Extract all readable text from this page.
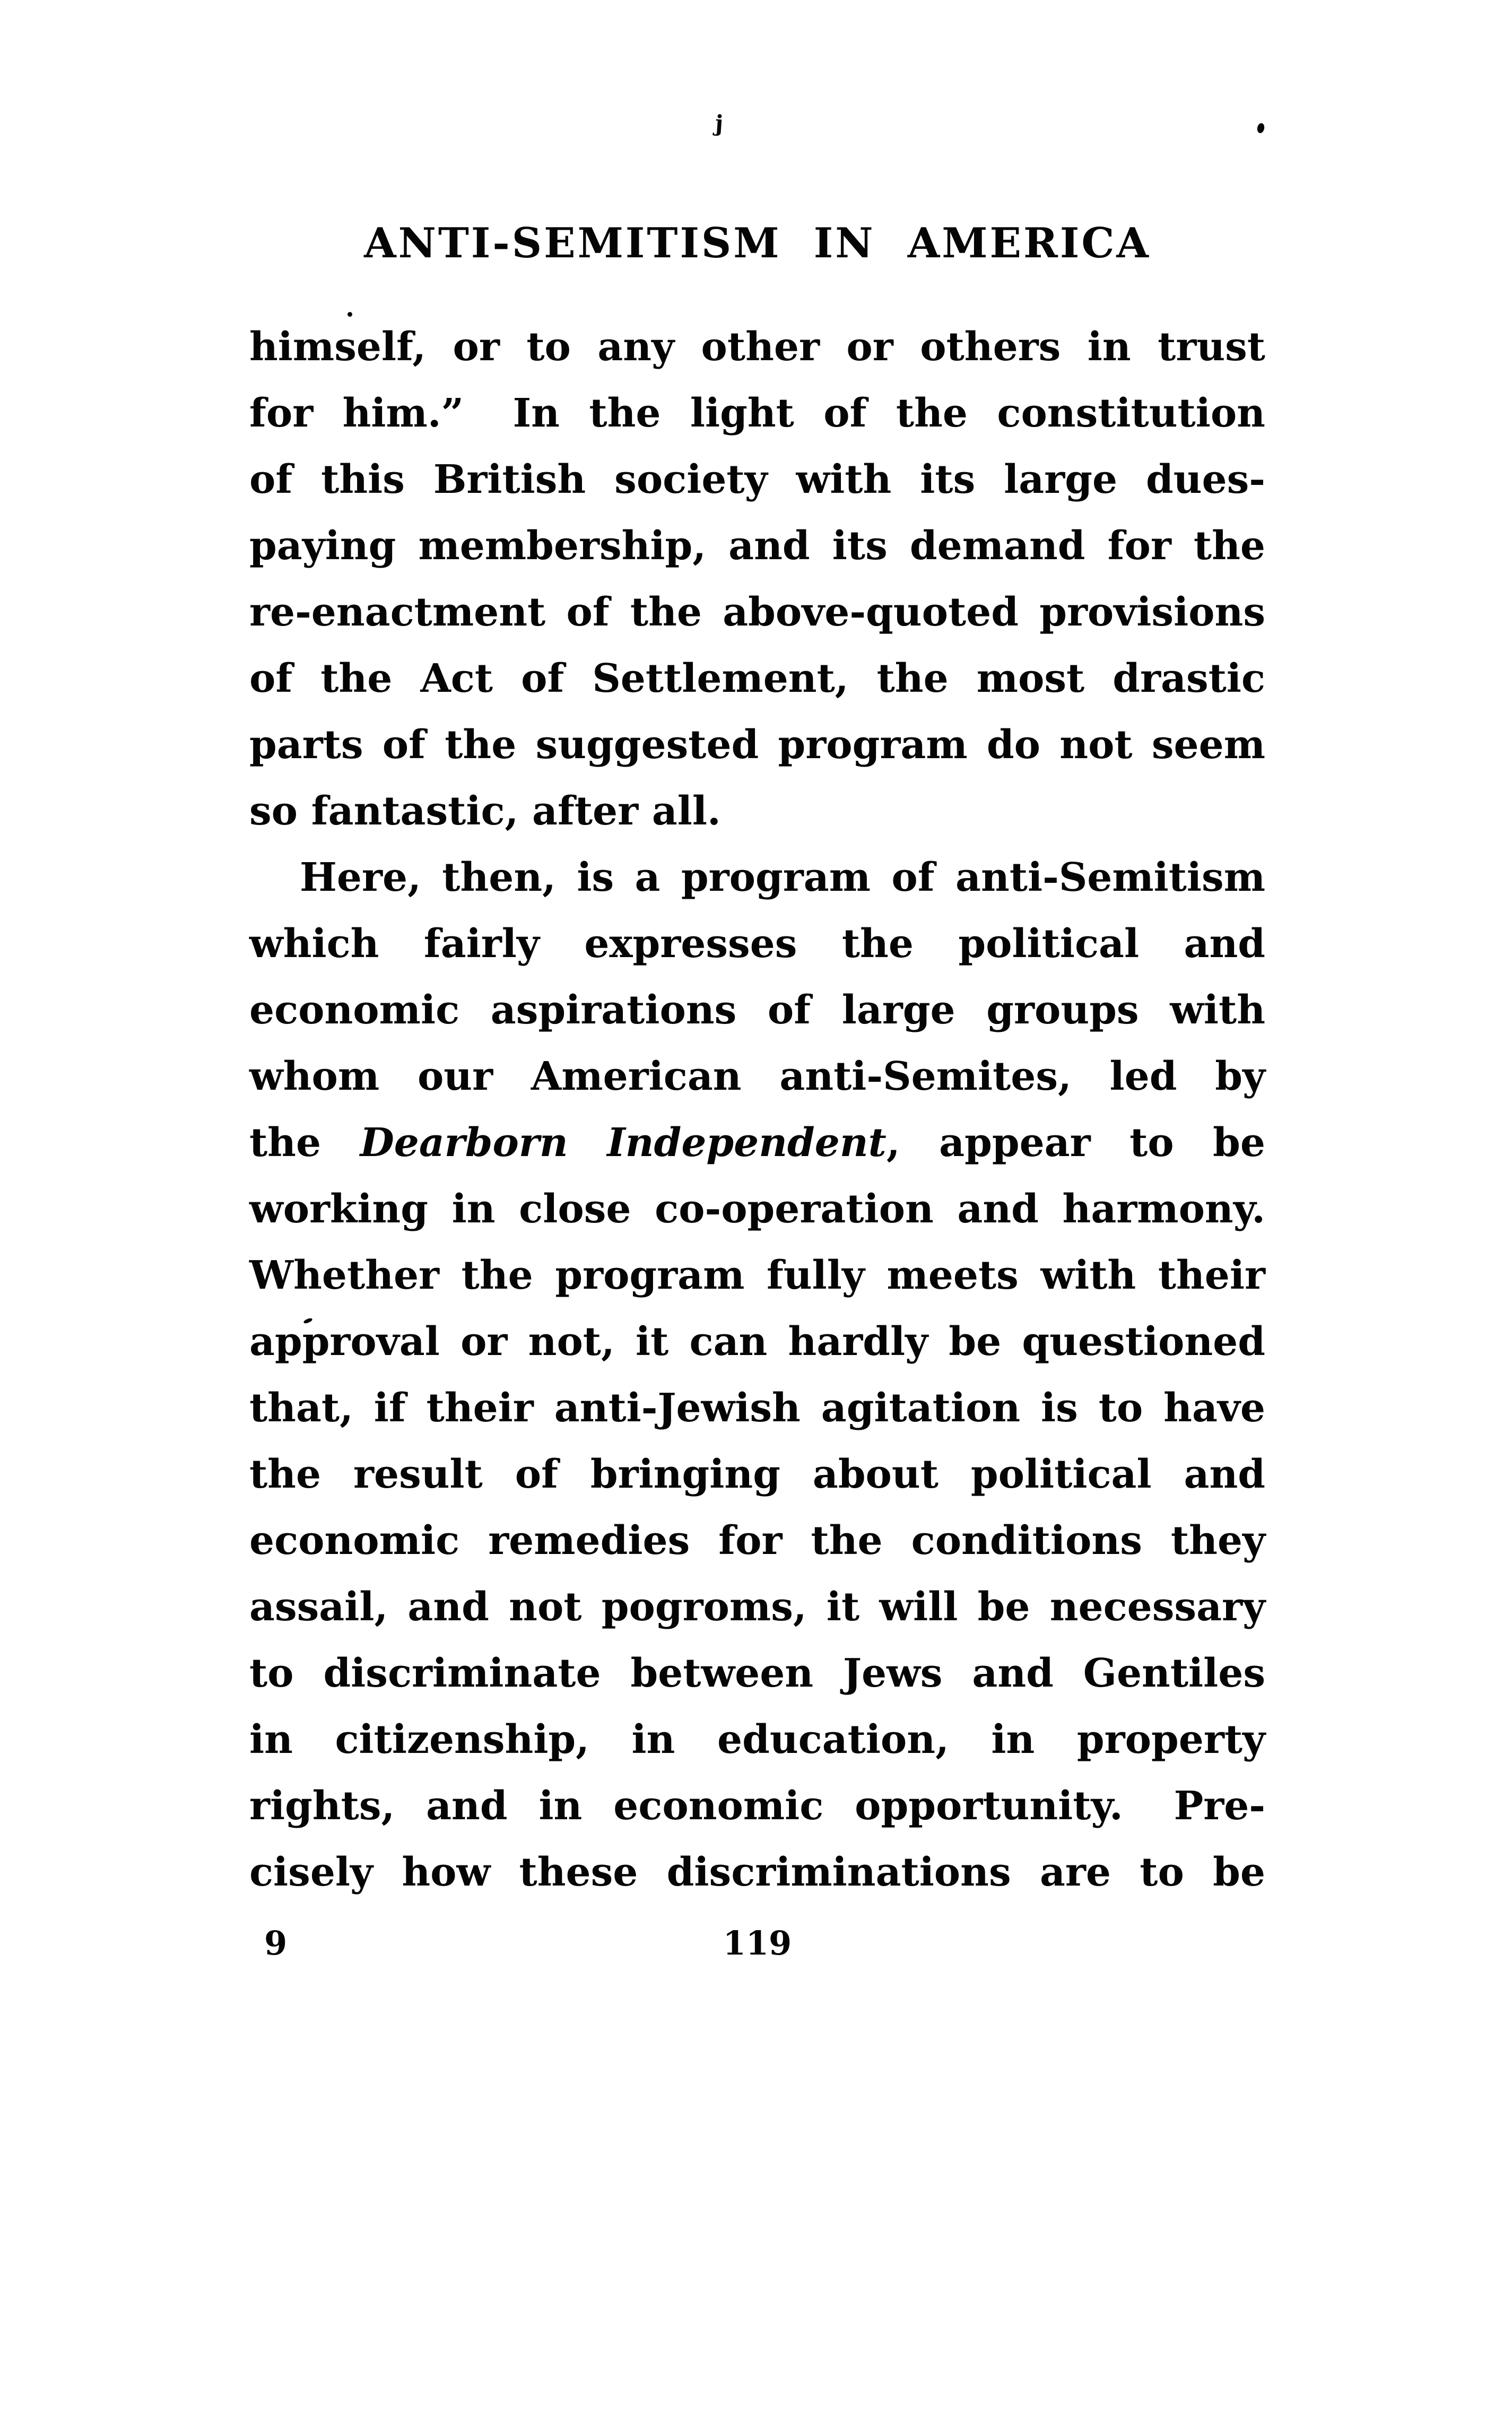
j
ANTI-SEMITISM IN AMERICA
himself, or to any other or others in trust
for him.”  In the light of the constitution
of this British society with its large dues-
paying membership, and its demand for the
re-enactment of the above-quoted provisions
of the Act of Settlement, the most drastic
parts of the suggested program do not seem
so fantastic, after all.
Here, then, is a program of anti-Semitism
which fairly expresses the political and
economic aspirations of large groups with
whom our American anti-Semites, led by
the Dearborn Independent, appear to be
working in close co-operation and harmony.
Whether the program fully meets with their
approval or not, it can hardly be questioned
that, if their anti-Jewish agitation is to have
the result of bringing about political and
economic remedies for the conditions they
assail, and not pogroms, it will be necessary
to discriminate between Jews and Gentiles
in citizenship, in education, in property
rights, and in economic opportunity.  Pre-
cisely how these discriminations are to be
9	119
